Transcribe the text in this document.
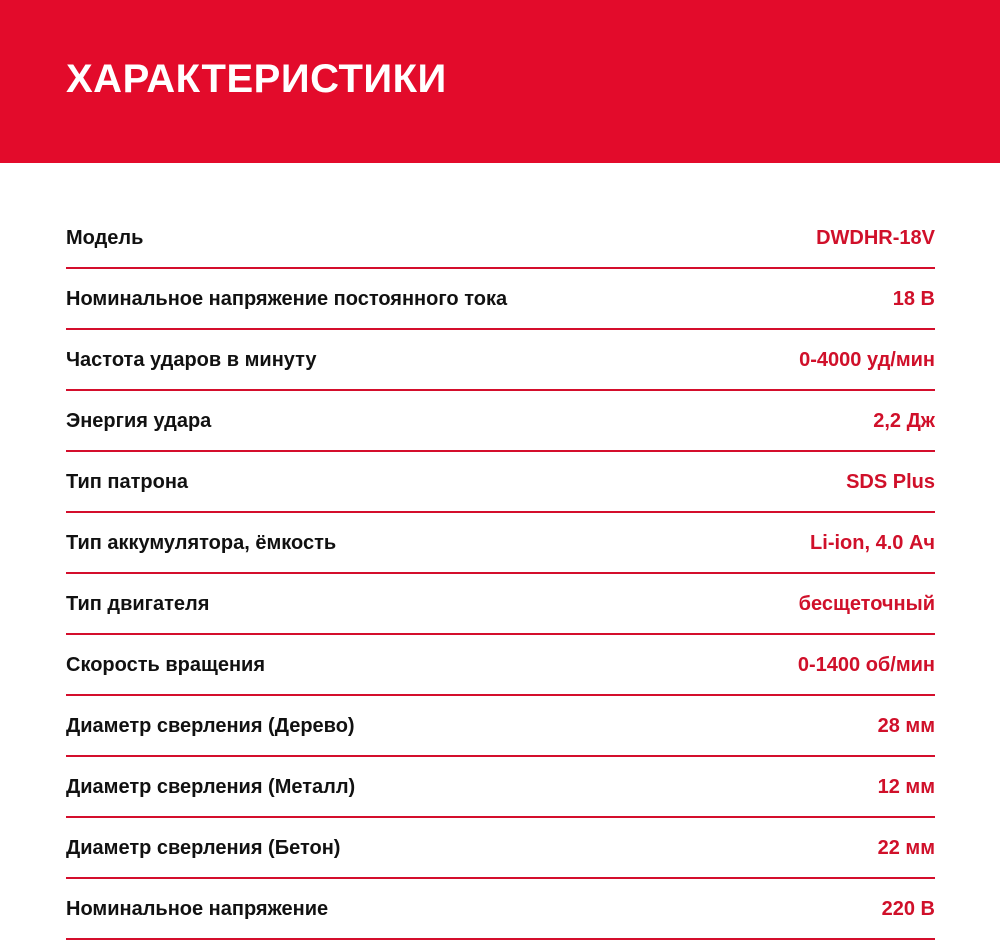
ХАРАКТЕРИСТИКИ
Модель	DWDHR-18V
Номинальное напряжение постоянного тока	18 В
Частота ударов в минуту	0-4000 уд/мин
Энергия удара	2,2 Дж
Тип патрона	SDS Plus
Тип аккумулятора, ёмкость	Li-ion, 4.0 Ач
Тип двигателя	бесщеточный
Скорость вращения	0-1400 об/мин
Диаметр сверления (Дерево)	28 мм
Диаметр сверления (Металл)	12 мм
Диаметр сверления (Бетон)	22 мм
Номинальное напряжение	220 В
